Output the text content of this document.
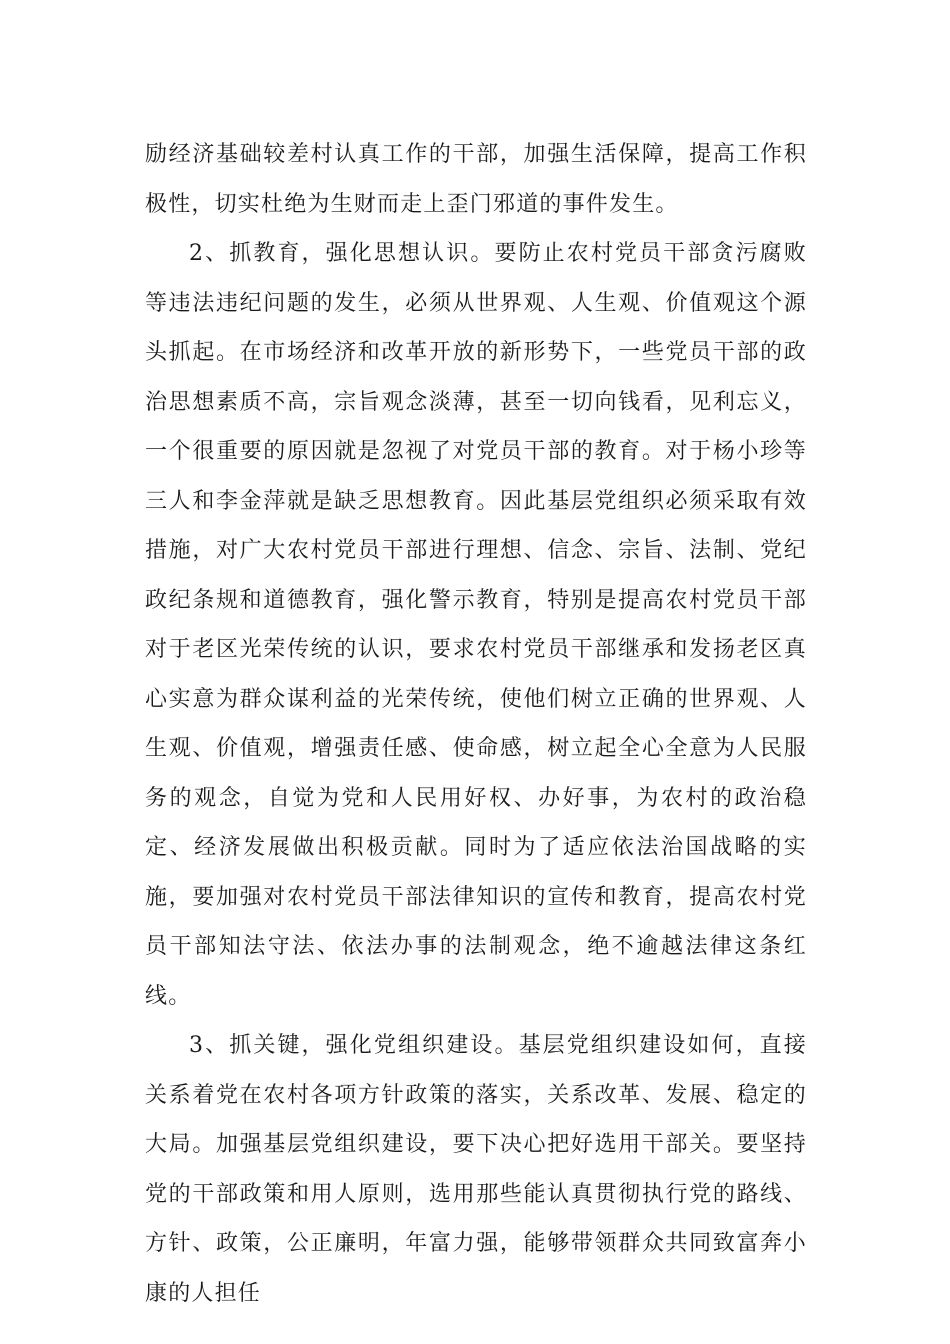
励经济基础较差村认真工作的干部，加强生活保障，提高工作积极性，切实杜绝为生财而走上歪门邪道的事件发生。

2、抓教育，强化思想认识。要防止农村党员干部贪污腐败等违法违纪问题的发生，必须从世界观、人生观、价值观这个源头抓起。在市场经济和改革开放的新形势下，一些党员干部的政治思想素质不高，宗旨观念淡薄，甚至一切向钱看，见利忘义，一个很重要的原因就是忽视了对党员干部的教育。对于杨小珍等三人和李金萍就是缺乏思想教育。因此基层党组织必须采取有效措施，对广大农村党员干部进行理想、信念、宗旨、法制、党纪政纪条规和道德教育，强化警示教育，特别是提高农村党员干部对于老区光荣传统的认识，要求农村党员干部继承和发扬老区真心实意为群众谋利益的光荣传统，使他们树立正确的世界观、人生观、价值观，增强责任感、使命感，树立起全心全意为人民服务的观念，自觉为党和人民用好权、办好事，为农村的政治稳定、经济发展做出积极贡献。同时为了适应依法治国战略的实施，要加强对农村党员干部法律知识的宣传和教育，提高农村党员干部知法守法、依法办事的法制观念，绝不逾越法律这条红线。

3、抓关键，强化党组织建设。基层党组织建设如何，直接关系着党在农村各项方针政策的落实，关系改革、发展、稳定的大局。加强基层党组织建设，要下决心把好选用干部关。要坚持党的干部政策和用人原则，选用那些能认真贯彻执行党的路线、方针、政策，公正廉明，年富力强，能够带领群众共同致富奔小康的人担任
